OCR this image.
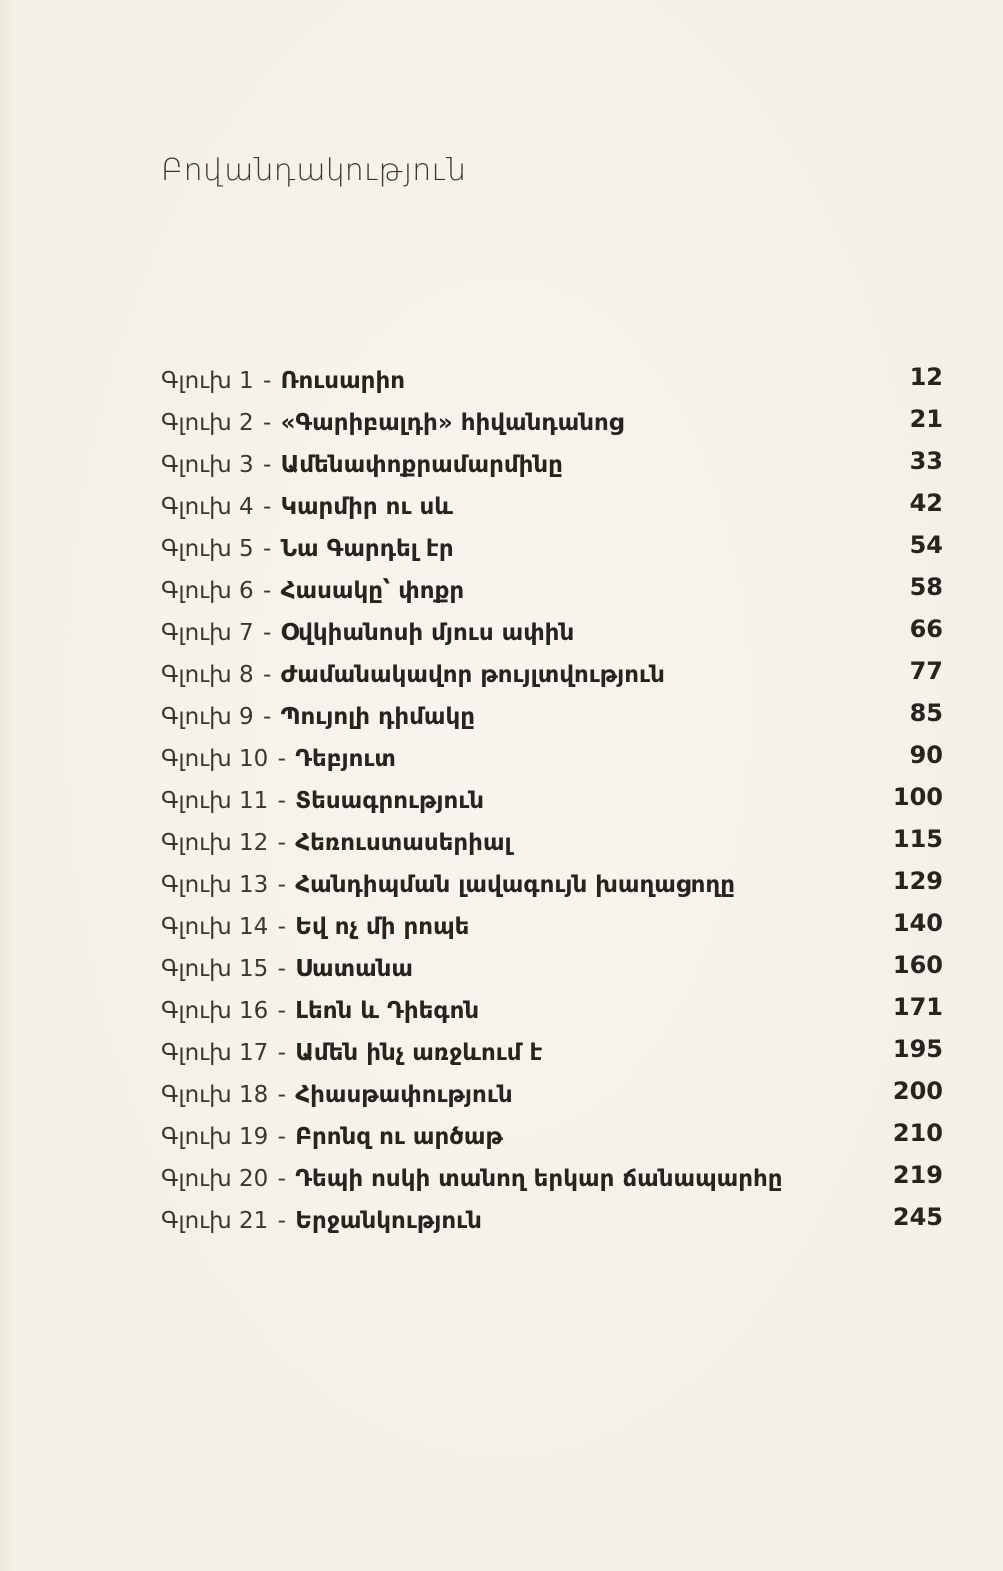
Բովանդակություն
Գլուխ 1 - Ռուսարիո	12
Գլուխ 2 - «Գարիբալդի» հիվանդանոց	21
Գլուխ 3 - Ամենափոքրամարմինը	33
Գլուխ 4 - Կարմիր ու սև	42
Գլուխ 5 - Նա Գարդել էր	54
Գլուխ 6 - Հասակը՝ փոքր	58
Գլուխ 7 - Օվկիանոսի մյուս ափին	66
Գլուխ 8 - Ժամանակավոր թույլտվություն	77
Գլուխ 9 - Պույոլի դիմակը	85
Գլուխ 10 - Դեբյուտ	90
Գլուխ 11 - Տեսագրություն	100
Գլուխ 12 - Հեռուստասերիալ	115
Գլուխ 13 - Հանդիպման լավագույն խաղացողը	129
Գլուխ 14 - Եվ ոչ մի րոպե	140
Գլուխ 15 - Սատանա	160
Գլուխ 16 - Լեոն և Դիեգոն	171
Գլուխ 17 - Ամեն ինչ առջևում է	195
Գլուխ 18 - Հիասթափություն	200
Գլուխ 19 - Բրոնզ ու արծաթ	210
Գլուխ 20 - Դեպի ոսկի տանող երկար ճանապարհը	219
Գլուխ 21 - Երջանկություն	245
